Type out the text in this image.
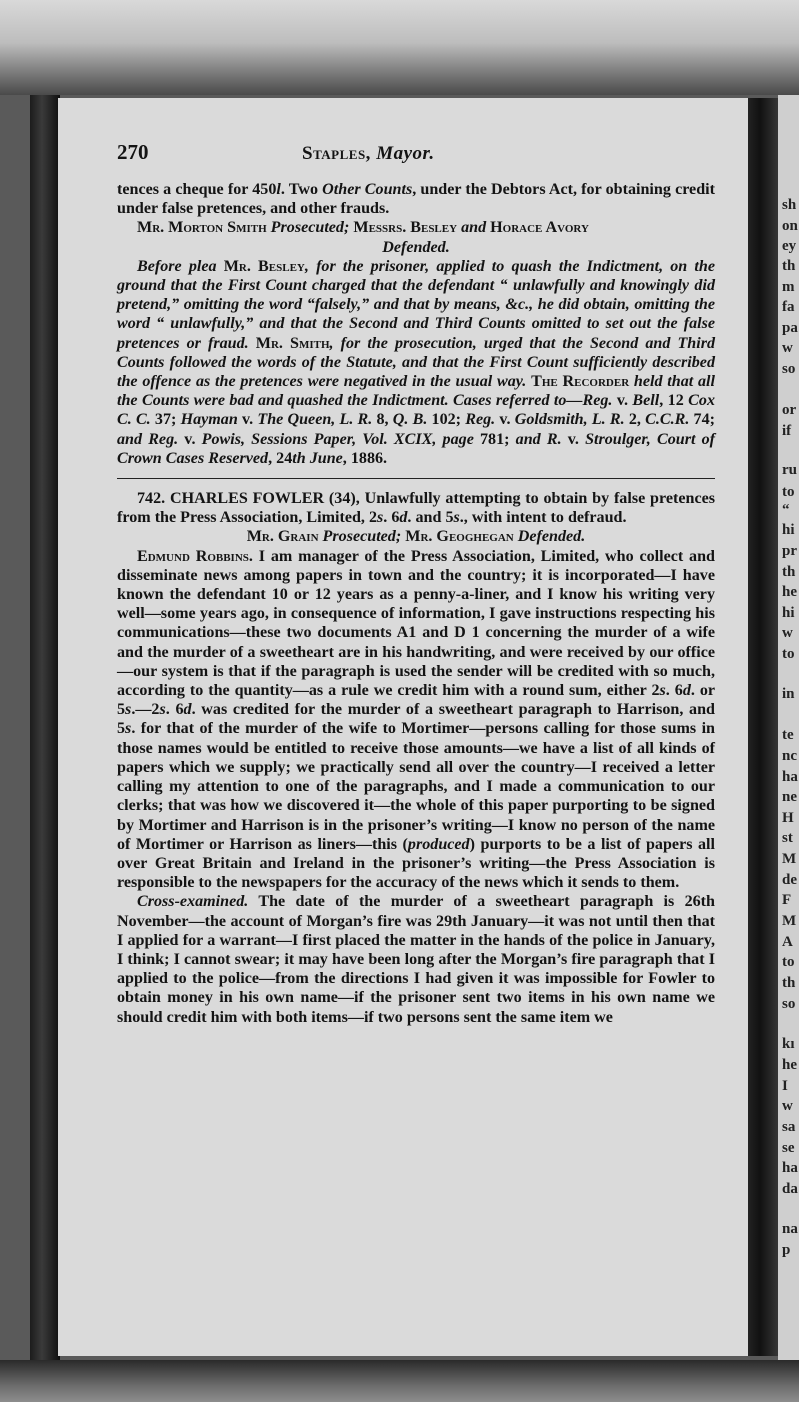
sh
on
ey
th
m
fa
pa
w
so
or
if
ru
to
“
hi
pr
th
he
hi
w
to
in
te
nc
ha
ne
H
st
M
de
F
M
A
to
th
so
kı
he
I
w
sa
se
ha
da
na
p
270	Staples, Mayor.

tences a cheque for 450l. Two Other Counts, under the Debtors Act, for obtaining credit under false pretences, and other frauds.

Mr. Morton Smith Prosecuted; Messrs. Besley and Horace Avory

Defended.

Before plea Mr. Besley, for the prisoner, applied to quash the Indictment, on the ground that the First Count charged that the defendant “ unlawfully and knowingly did pretend,” omitting the word “falsely,” and that by means, &c., he did obtain, omitting the word “ unlawfully,” and that the Second and Third Counts omitted to set out the false pretences or fraud. Mr. Smith, for the prosecution, urged that the Second and Third Counts followed the words of the Statute, and that the First Count sufficiently described the offence as the pretences were negatived in the usual way. The Recorder held that all the Counts were bad and quashed the Indictment. Cases referred to—Reg. v. Bell, 12 Cox C. C. 37; Hayman v. The Queen, L. R. 8, Q. B. 102; Reg. v. Goldsmith, L. R. 2, C.C.R. 74; and Reg. v. Powis, Sessions Paper, Vol. XCIX, page 781; and R. v. Stroulger, Court of Crown Cases Reserved, 24th June, 1886.

742. CHARLES FOWLER (34), Unlawfully attempting to obtain by false pretences from the Press Association, Limited, 2s. 6d. and 5s., with intent to defraud.

Mr. Grain Prosecuted; Mr. Geoghegan Defended.

Edmund Robbins. I am manager of the Press Association, Limited, who collect and disseminate news among papers in town and the country; it is incorporated—I have known the defendant 10 or 12 years as a penny-a-liner, and I know his writing very well—some years ago, in consequence of information, I gave instructions respecting his communications—these two documents A1 and D 1 concerning the murder of a wife and the murder of a sweetheart are in his handwriting, and were received by our office—our system is that if the paragraph is used the sender will be credited with so much, according to the quantity—as a rule we credit him with a round sum, either 2s. 6d. or 5s.—2s. 6d. was credited for the murder of a sweetheart paragraph to Harrison, and 5s. for that of the murder of the wife to Mortimer—persons calling for those sums in those names would be entitled to receive those amounts—we have a list of all kinds of papers which we supply; we practically send all over the country—I received a letter calling my attention to one of the paragraphs, and I made a communication to our clerks; that was how we discovered it—the whole of this paper purporting to be signed by Mortimer and Harrison is in the prisoner’s writing—I know no person of the name of Mortimer or Harrison as liners—this (produced) purports to be a list of papers all over Great Britain and Ireland in the prisoner’s writing—the Press Association is responsible to the newspapers for the accuracy of the news which it sends to them.

Cross-examined. The date of the murder of a sweetheart paragraph is 26th November—the account of Morgan’s fire was 29th January—it was not until then that I applied for a warrant—I first placed the matter in the hands of the police in January, I think; I cannot swear; it may have been long after the Morgan’s fire paragraph that I applied to the police—from the directions I had given it was impossible for Fowler to obtain money in his own name—if the prisoner sent two items in his own name we should credit him with both items—if two persons sent the same item we
